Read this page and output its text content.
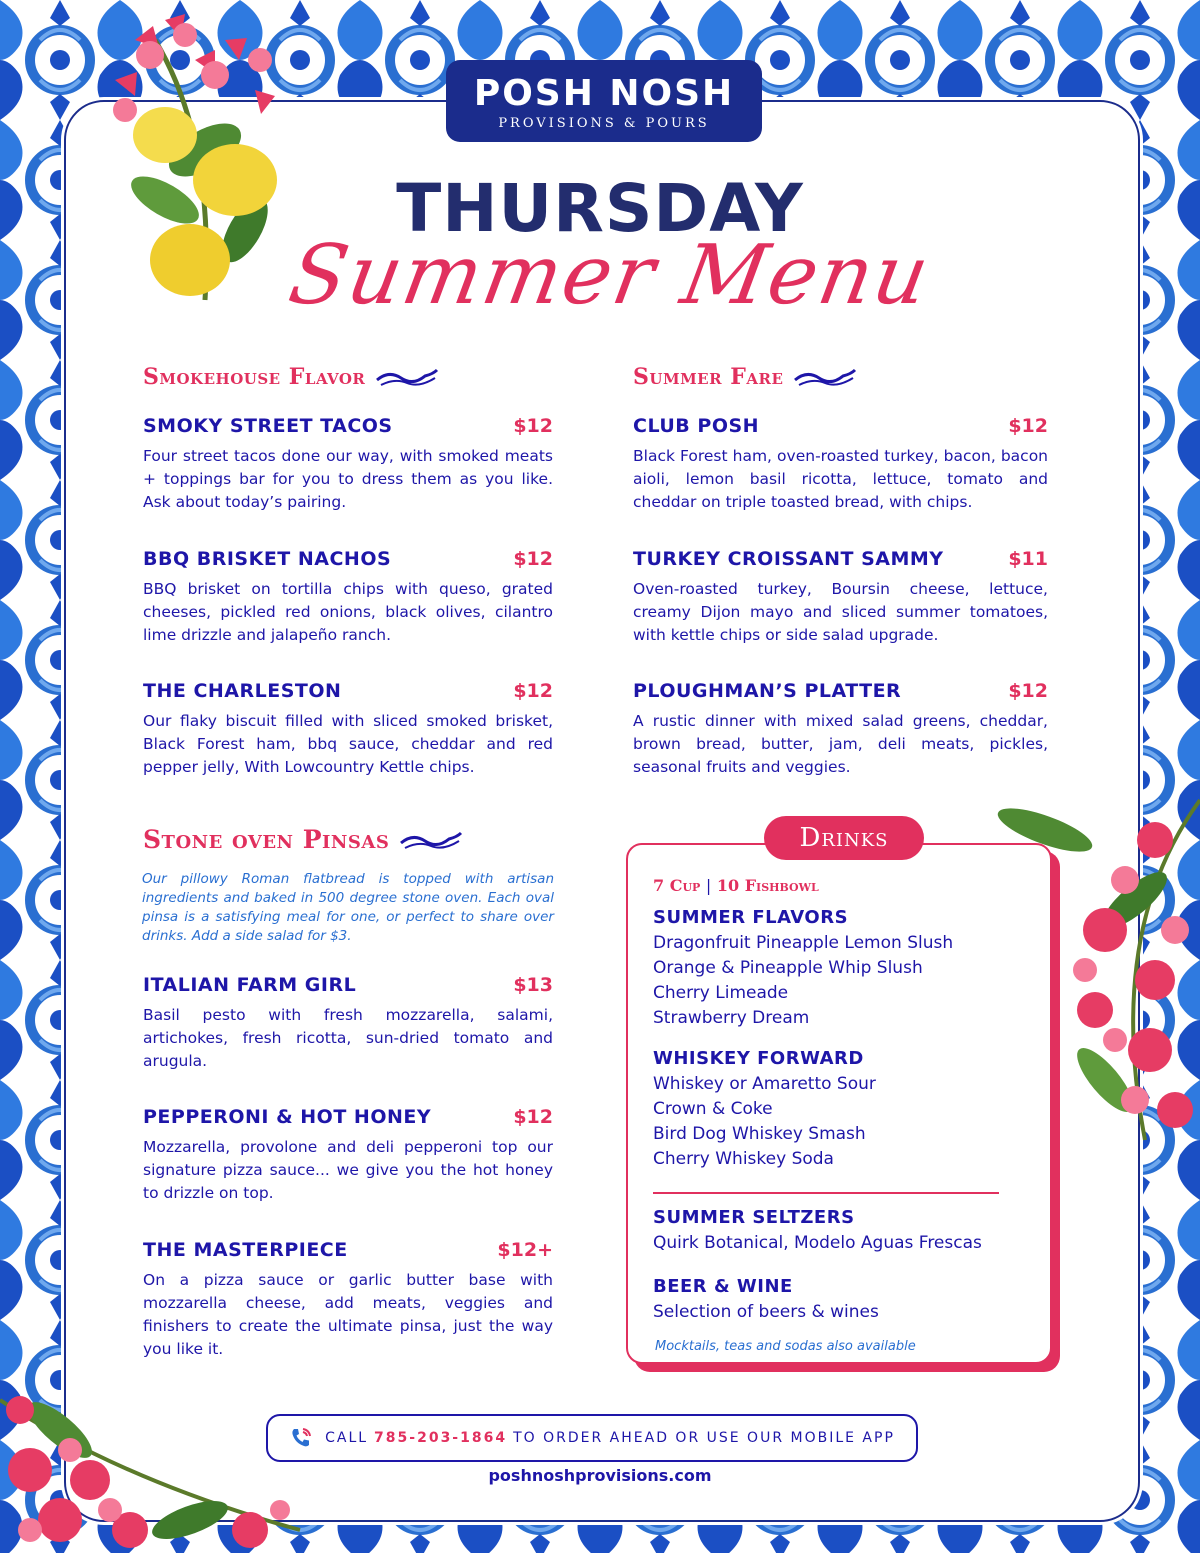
POSH NOSH
PROVISIONS & POURS
THURSDAY
Summer Menu
Smokehouse Flavor
SMOKY STREET TACOS	$12
Four street tacos done our way, with smoked meats + toppings bar for you to dress them as you like. Ask about today’s pairing.
BBQ BRISKET NACHOS	$12
BBQ brisket on tortilla chips with queso, grated cheeses, pickled red onions, black olives, cilantro lime drizzle and jalapeño ranch.
THE CHARLESTON	$12
Our flaky biscuit filled with sliced smoked brisket, Black Forest ham, bbq sauce, cheddar and red pepper jelly, With Lowcountry Kettle chips.
Summer Fare
CLUB POSH	$12
Black Forest ham, oven-roasted turkey, bacon, bacon aioli, lemon basil ricotta, lettuce, tomato and cheddar on triple toasted bread, with chips.
TURKEY CROISSANT SAMMY	$11
Oven-roasted turkey, Boursin cheese, lettuce, creamy Dijon mayo and sliced summer tomatoes, with kettle chips or side salad upgrade.
PLOUGHMAN’S PLATTER	$12
A rustic dinner with mixed salad greens, cheddar, brown bread, butter, jam, deli meats, pickles, seasonal fruits and veggies.
Stone oven Pinsas
Our pillowy Roman flatbread is topped with artisan ingredients and baked in 500 degree stone oven. Each oval pinsa is a satisfying meal for one, or perfect to share over drinks. Add a side salad for $3.
ITALIAN FARM GIRL	$13
Basil pesto with fresh mozzarella, salami, artichokes, fresh ricotta, sun-dried tomato and arugula.
PEPPERONI & HOT HONEY	$12
Mozzarella, provolone and deli pepperoni top our signature pizza sauce... we give you the hot honey to drizzle on top.
THE MASTERPIECE	$12+
On a pizza sauce or garlic butter base with mozzarella cheese, add meats, veggies and finishers to create the ultimate pinsa, just the way you like it.
Drinks
7 Cup | 10 Fishbowl
SUMMER FLAVORS
Dragonfruit Pineapple Lemon Slush
Orange & Pineapple Whip Slush
Cherry Limeade
Strawberry Dream
WHISKEY FORWARD
Whiskey or Amaretto Sour
Crown & Coke
Bird Dog Whiskey Smash
Cherry Whiskey Soda
SUMMER SELTZERS
Quirk Botanical, Modelo Aguas Frescas
BEER & WINE
Selection of beers & wines
Mocktails, teas and sodas also available
CALL 785-203-1864 TO ORDER AHEAD OR USE OUR MOBILE APP
poshnoshprovisions.com
